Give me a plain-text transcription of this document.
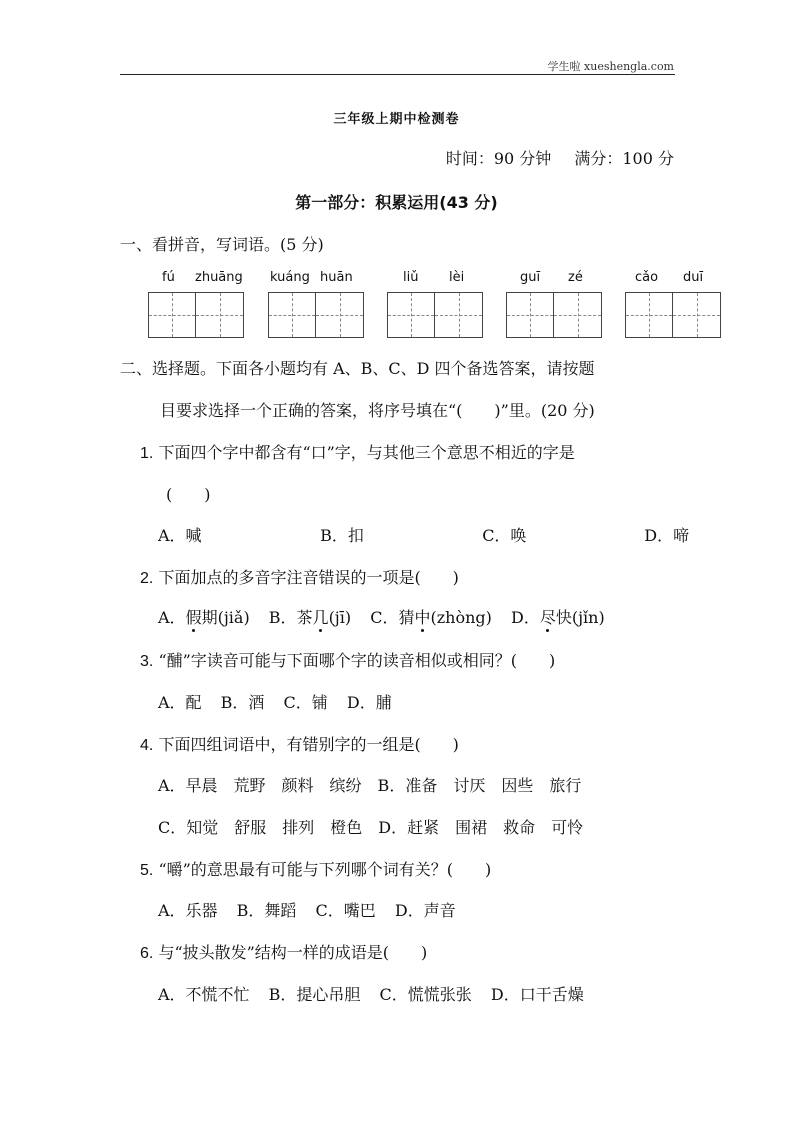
学生啦 xueshengla.com
三年级上期中检测卷
时间：90 分钟 满分：100 分
第一部分：积累运用(43 分)
一、看拼音，写词语。(5 分)
fú zhuāng kuáng huān	liǔ lèi	guī zé	cǎo duī
二、选择题。下面各小题均有 A、B、C、D 四个备选答案，请按题
目要求选择一个正确的答案，将序号填在“(　　)”里。(20 分)
1. 下面四个字中都含有“口”字，与其他三个意思不相近的字是
(　　)
A．喊	B．扣	C．唤	D．啼
2. 下面加点的多音字注音错误的一项是(　　)
A．假期(jiǎ) B．茶几(jī) C．猜中(zhòng) D．尽快(jǐn)
3. “酺”字读音可能与下面哪个字的读音相似或相同？(　　)
A．配 B．酒 C．铺 D．脯
4. 下面四组词语中，有错别字的一组是(　　)
A．早晨　荒野　颜料　缤纷　B．准备　讨厌　因些　旅行
C．知觉　舒服　排列　橙色　D．赶紧　围裙　救命　可怜
5. “嚼”的意思最有可能与下列哪个词有关？(　　)
A．乐器 B．舞蹈 C．嘴巴 D．声音
6. 与“披头散发”结构一样的成语是(　　)
A．不慌不忙 B．提心吊胆 C．慌慌张张 D．口干舌燥
